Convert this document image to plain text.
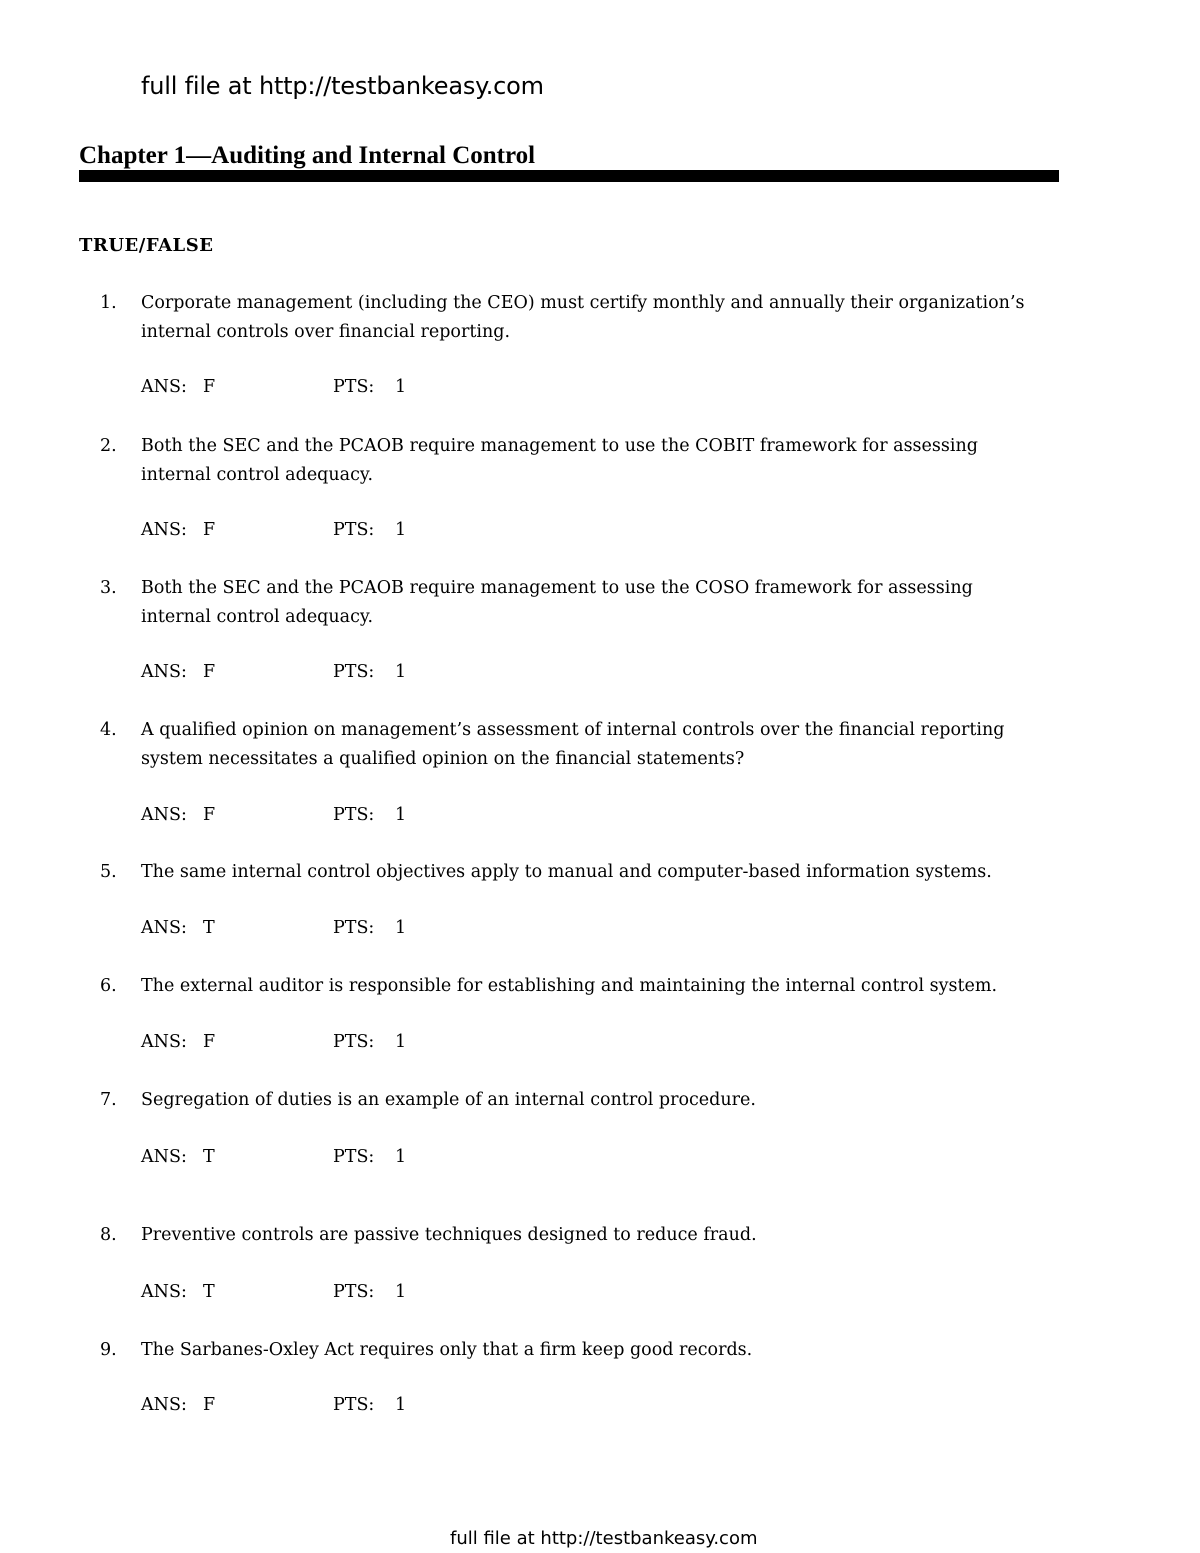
full file at http://testbankeasy.com
Chapter 1—Auditing and Internal Control
TRUE/FALSE
1.	Corporate management (including the CEO) must certify monthly and annually their organization’s internal controls over financial reporting.
ANS: F	PTS: 1
2.	Both the SEC and the PCAOB require management to use the COBIT framework for assessing internal control adequacy.
ANS: F	PTS: 1
3.	Both the SEC and the PCAOB require management to use the COSO framework for assessing internal control adequacy.
ANS: F	PTS: 1
4.	A qualified opinion on management’s assessment of internal controls over the financial reporting system necessitates a qualified opinion on the financial statements?
ANS: F	PTS: 1
5.	The same internal control objectives apply to manual and computer-based information systems.
ANS: T	PTS: 1
6.	The external auditor is responsible for establishing and maintaining the internal control system.
ANS: F	PTS: 1
7.	Segregation of duties is an example of an internal control procedure.
ANS: T	PTS: 1
8.	Preventive controls are passive techniques designed to reduce fraud.
ANS: T	PTS: 1
9.	The Sarbanes-Oxley Act requires only that a firm keep good records.
ANS: F	PTS: 1
full file at http://testbankeasy.com
